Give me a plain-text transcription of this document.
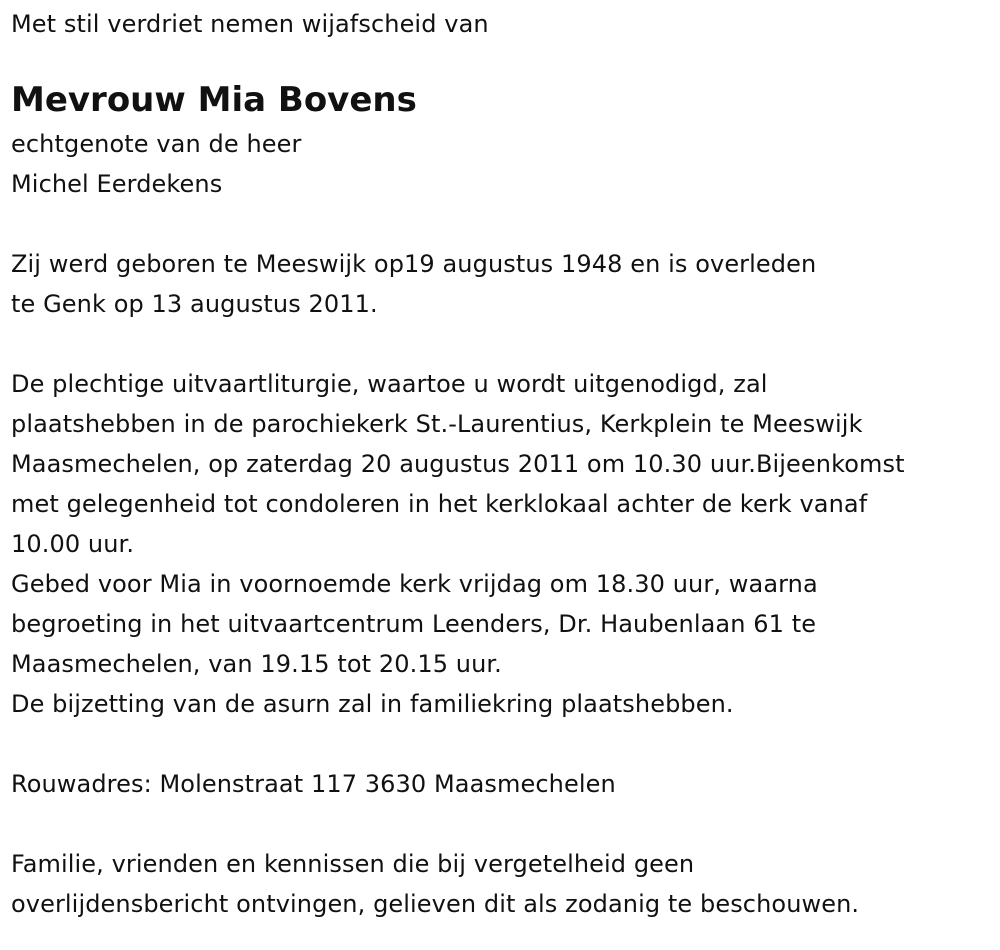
Met stil verdriet nemen wijafscheid van
Mevrouw Mia Bovens
echtgenote van de heer
Michel Eerdekens
Zij werd geboren te Meeswijk op19 augustus 1948 en is overleden
te Genk op 13 augustus 2011.
De plechtige uitvaartliturgie, waartoe u wordt uitgenodigd, zal
plaatshebben in de parochiekerk St.-Laurentius, Kerkplein te Meeswijk
Maasmechelen, op zaterdag 20 augustus 2011 om 10.30 uur.Bijeenkomst
met gelegenheid tot condoleren in het kerklokaal achter de kerk vanaf
10.00 uur.
Gebed voor Mia in voornoemde kerk vrijdag om 18.30 uur, waarna
begroeting in het uitvaartcentrum Leenders, Dr. Haubenlaan 61 te
Maasmechelen, van 19.15 tot 20.15 uur.
De bijzetting van de asurn zal in familiekring plaatshebben.
Rouwadres: Molenstraat 117 3630 Maasmechelen
Familie, vrienden en kennissen die bij vergetelheid geen
overlijdensbericht ontvingen, gelieven dit als zodanig te beschouwen.
